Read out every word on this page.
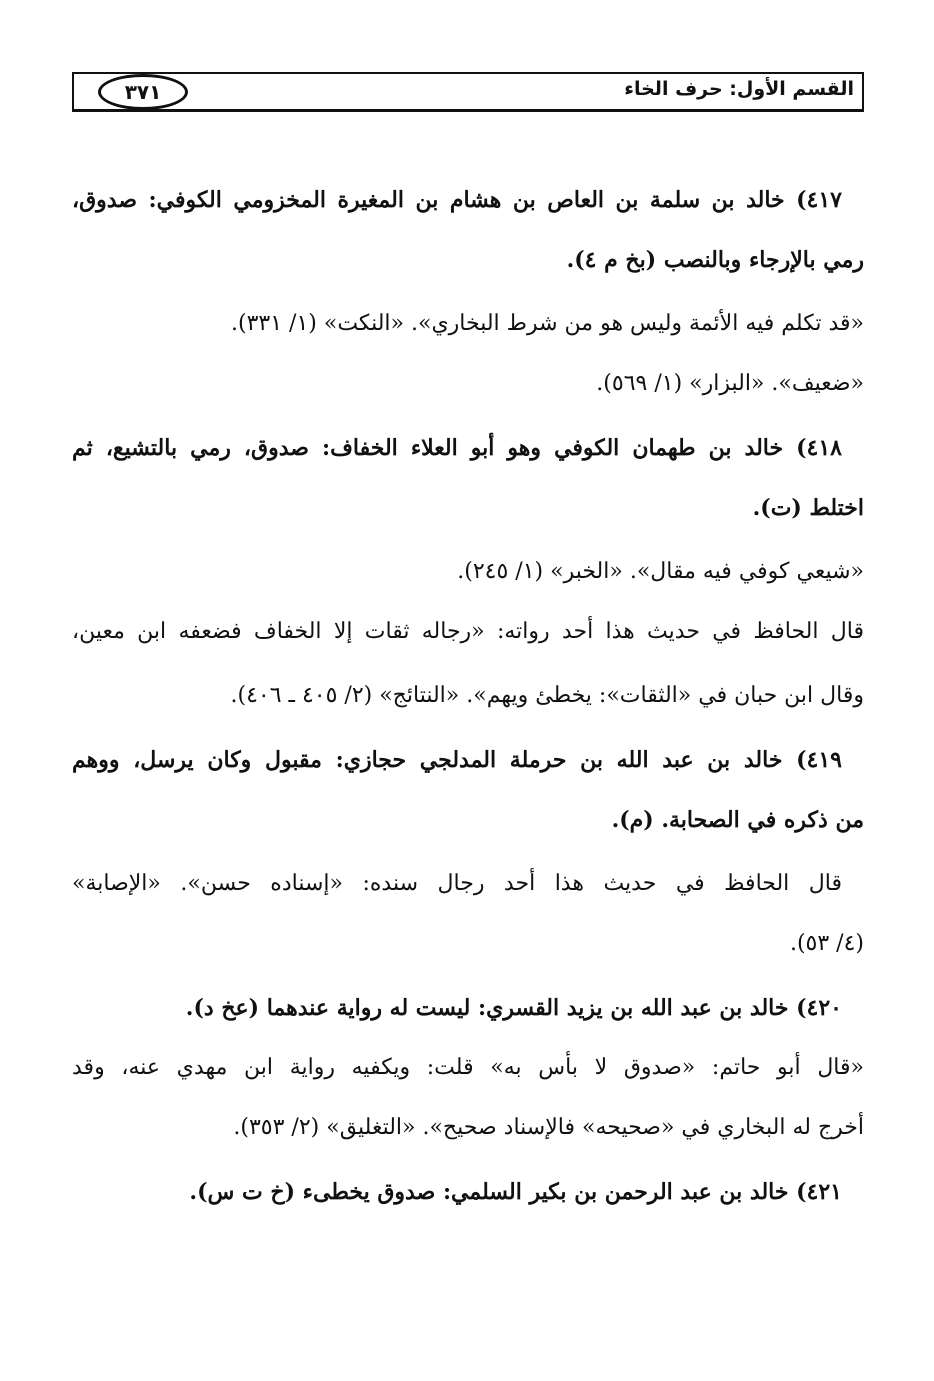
القسم الأول: حرف الخاء
٣٧١
٤١٧) خالد بن سلمة بن العاص بن هشام بن المغيرة المخزومي الكوفي: صدوق،
رمي بالإرجاء وبالنصب (بخ م ٤).
«قد تكلم فيه الأئمة وليس هو من شرط البخاري». «النكت» (١/ ٣٣١).
«ضعيف». «البزار» (١/ ٥٦٩).
٤١٨) خالد بن طهمان الكوفي وهو أبو العلاء الخفاف: صدوق، رمي بالتشيع، ثم
اختلط (ت).
«شيعي كوفي فيه مقال». «الخبر» (١/ ٢٤٥).
قال الحافظ في حديث هذا أحد رواته: «رجاله ثقات إلا الخفاف فضعفه ابن معين،
وقال ابن حبان في «الثقات»: يخطئ ويهم». «النتائج» (٢/ ٤٠٥ ـ ٤٠٦).
٤١٩) خالد بن عبد الله بن حرملة المدلجي حجازي: مقبول وكان يرسل، ووهم
من ذكره في الصحابة. (م).
قال الحافظ في حديث هذا أحد رجال سنده: «إسناده حسن». «الإصابة»
(٤/ ٥٣).
٤٢٠) خالد بن عبد الله بن يزيد القسري: ليست له رواية عندهما (عخ د).
«قال أبو حاتم: «صدوق لا بأس به» قلت: ويكفيه رواية ابن مهدي عنه، وقد
أخرج له البخاري في «صحيحه» فالإسناد صحيح». «التغليق» (٢/ ٣٥٣).
٤٢١) خالد بن عبد الرحمن بن بكير السلمي: صدوق يخطىء (خ ت س).
